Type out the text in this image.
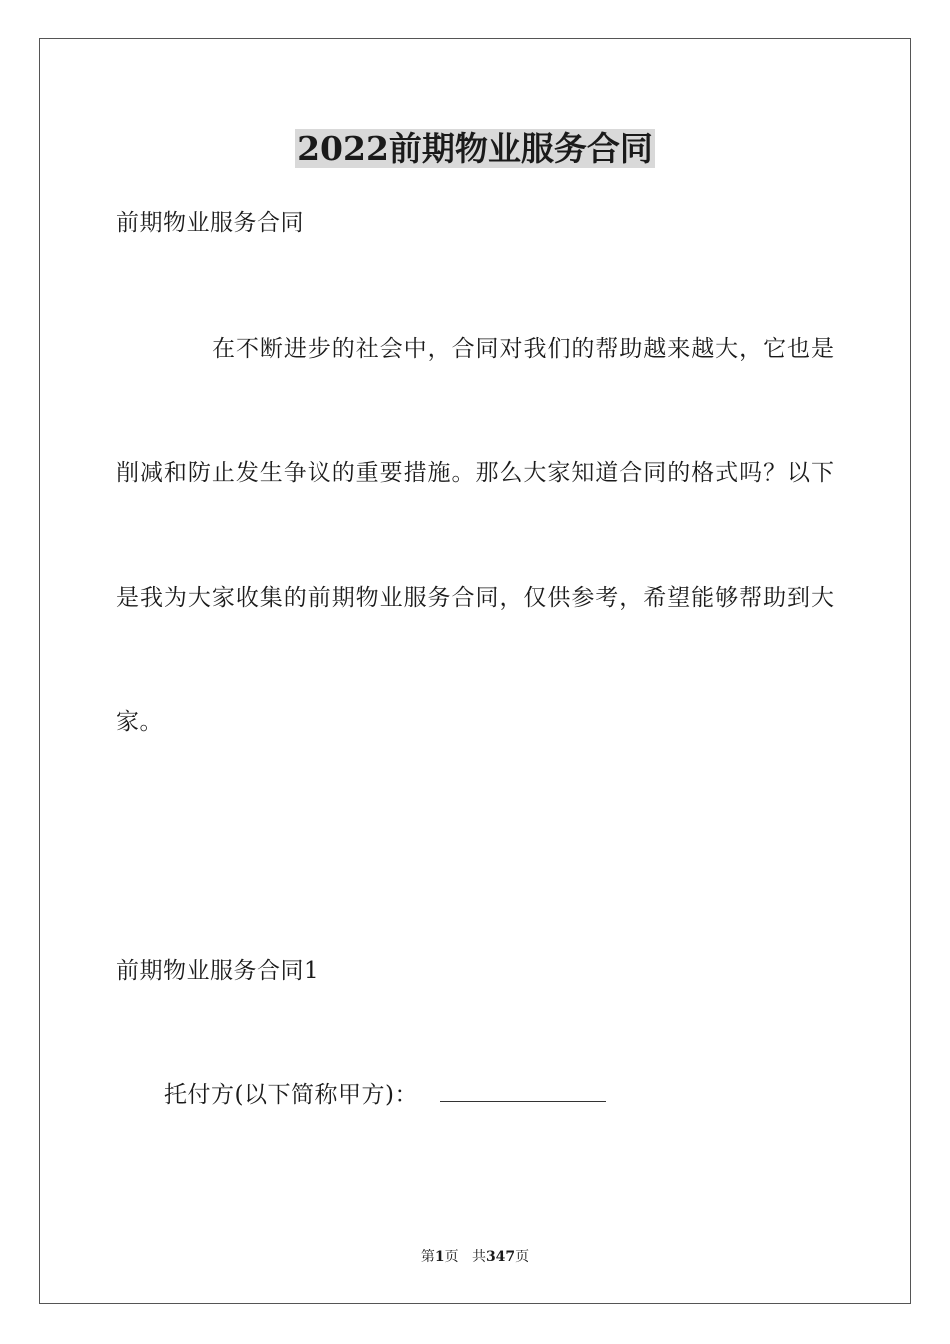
2022前期物业服务合同
前期物业服务合同
在不断进步的社会中，合同对我们的帮助越来越大，它也是
削减和防止发生争议的重要措施。那么大家知道合同的格式吗？以下
是我为大家收集的前期物业服务合同，仅供参考，希望能够帮助到大
家。
前期物业服务合同1
托付方(以下简称甲方)：
第1页 共347页
